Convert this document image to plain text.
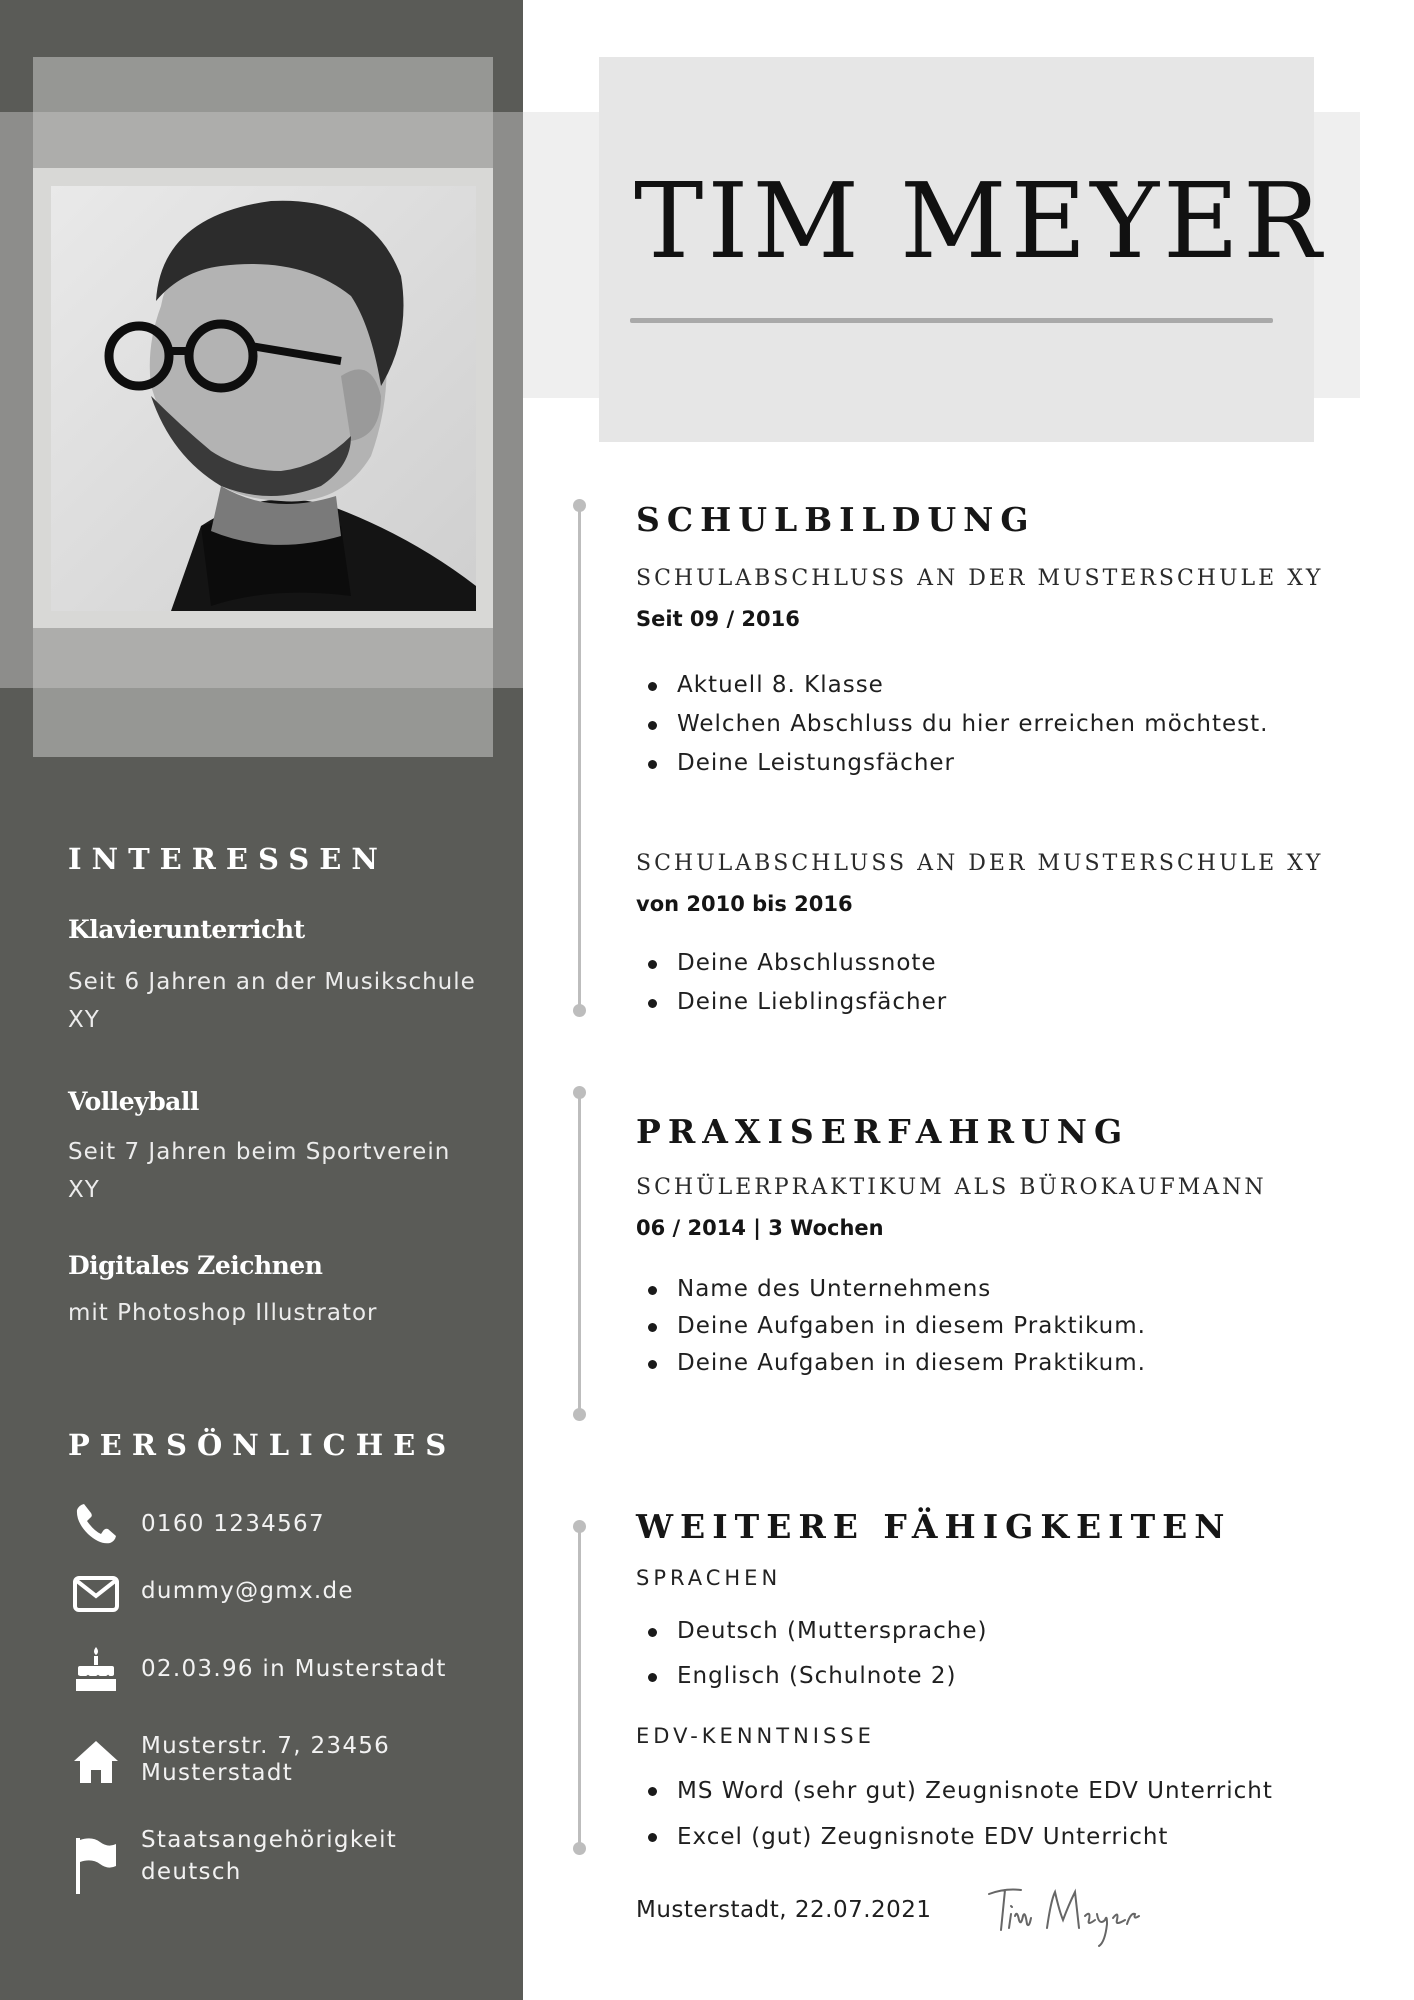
INTERESSEN
Klavierunterricht
Seit 6 Jahren an der Musikschule XY
Volleyball
Seit 7 Jahren beim Sportverein XY
Digitales Zeichnen
mit Photoshop Illustrator
PERSÖNLICHES
0160 1234567
dummy@gmx.de
02.03.96 in Musterstadt
Musterstr. 7, 23456
Musterstadt
Staatsangehörigkeit
deutsch
TIM MEYER
SCHULBILDUNG
SCHULABSCHLUSS AN DER MUSTERSCHULE XY
Seit 09 / 2016
Aktuell 8. Klasse
Welchen Abschluss du hier erreichen möchtest.
Deine Leistungsfächer
SCHULABSCHLUSS AN DER MUSTERSCHULE XY
von 2010 bis 2016
Deine Abschlussnote
Deine Lieblingsfächer
PRAXISERFAHRUNG
SCHÜLERPRAKTIKUM ALS BÜROKAUFMANN
06 / 2014 | 3 Wochen
Name des Unternehmens
Deine Aufgaben in diesem Praktikum.
Deine Aufgaben in diesem Praktikum.
WEITERE FÄHIGKEITEN
SPRACHEN
Deutsch (Muttersprache)
Englisch (Schulnote 2)
EDV-KENNTNISSE
MS Word (sehr gut) Zeugnisnote EDV Unterricht
Excel (gut) Zeugnisnote EDV Unterricht
Musterstadt, 22.07.2021
